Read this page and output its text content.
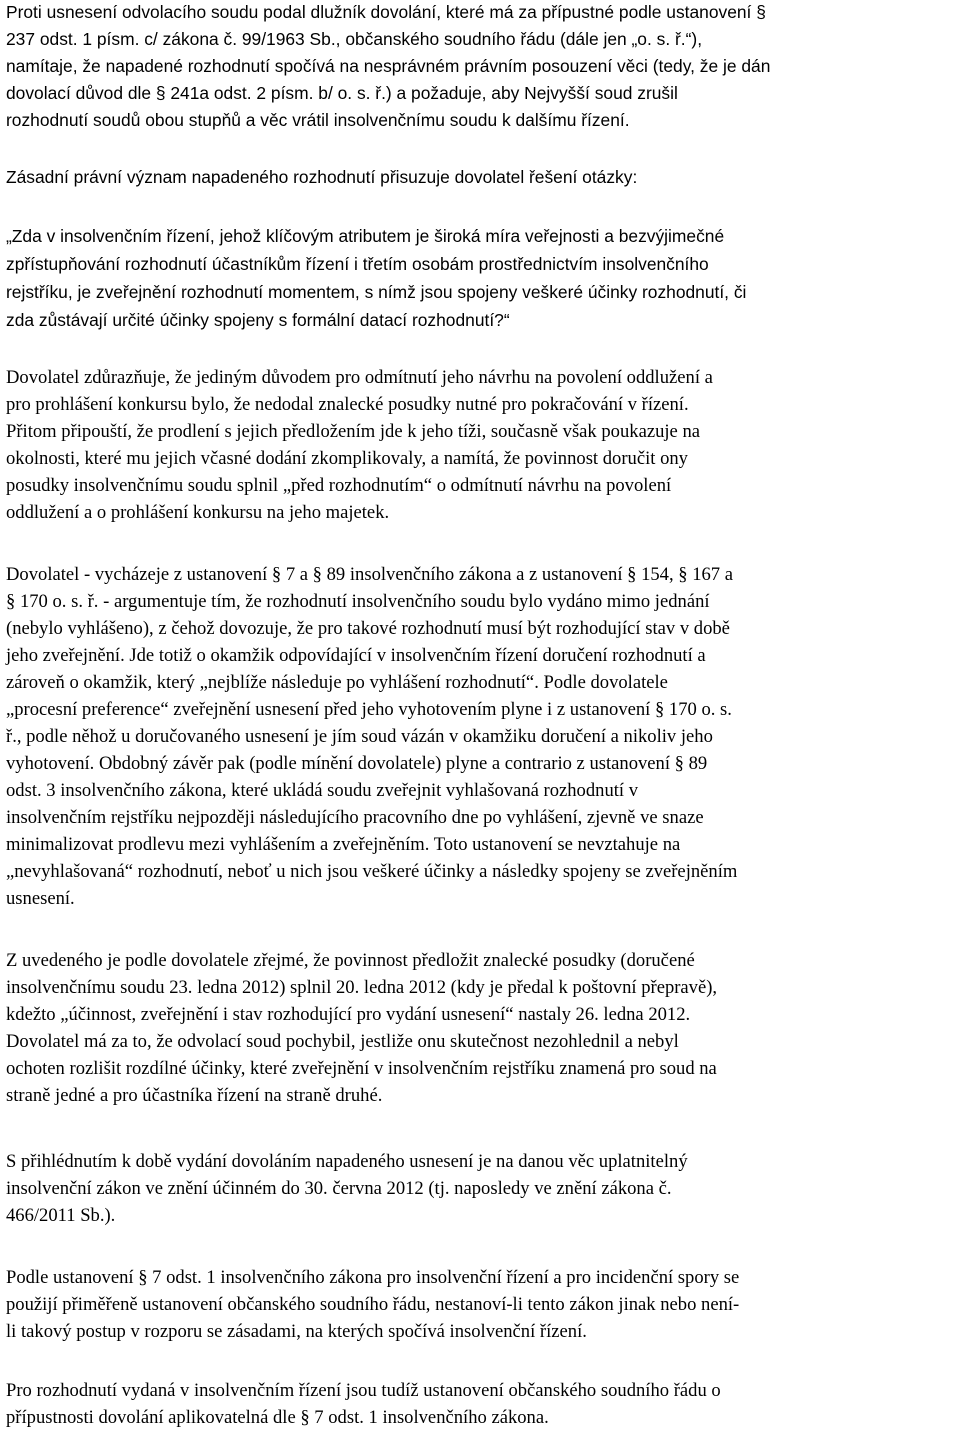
Proti usnesení odvolacího soudu podal dlužník dovolání, které má za přípustné podle ustanovení §
237 odst. 1 písm. c/ zákona č. 99/1963 Sb., občanského soudního řádu (dále jen „o. s. ř.“),
namítaje, že napadené rozhodnutí spočívá na nesprávném právním posouzení věci (tedy, že je dán
dovolací důvod dle § 241a odst. 2 písm. b/ o. s. ř.) a požaduje, aby Nejvyšší soud zrušil
rozhodnutí soudů obou stupňů a věc vrátil insolvenčnímu soudu k dalšímu řízení.
Zásadní právní význam napadeného rozhodnutí přisuzuje dovolatel řešení otázky:
„Zda v insolvenčním řízení, jehož klíčovým atributem je široká míra veřejnosti a bezvýjimečné
zpřístupňování rozhodnutí účastníkům řízení i třetím osobám prostřednictvím insolvenčního
rejstříku, je zveřejnění rozhodnutí momentem, s nímž jsou spojeny veškeré účinky rozhodnutí, či
zda zůstávají určité účinky spojeny s formální datací rozhodnutí?“
Dovolatel zdůrazňuje, že jediným důvodem pro odmítnutí jeho návrhu na povolení oddlužení a
pro prohlášení konkursu bylo, že nedodal znalecké posudky nutné pro pokračování v řízení.
Přitom připouští, že prodlení s jejich předložením jde k jeho tíži, současně však poukazuje na
okolnosti, které mu jejich včasné dodání zkomplikovaly, a namítá, že povinnost doručit ony
posudky insolvenčnímu soudu splnil „před rozhodnutím“ o odmítnutí návrhu na povolení
oddlužení a o prohlášení konkursu na jeho majetek.
Dovolatel - vycházeje z ustanovení § 7 a § 89 insolvenčního zákona a z ustanovení § 154, § 167 a
§ 170 o. s. ř. - argumentuje tím, že rozhodnutí insolvenčního soudu bylo vydáno mimo jednání
(nebylo vyhlášeno), z čehož dovozuje, že pro takové rozhodnutí musí být rozhodující stav v době
jeho zveřejnění. Jde totiž o okamžik odpovídající v insolvenčním řízení doručení rozhodnutí a
zároveň o okamžik, který „nejblíže následuje po vyhlášení rozhodnutí“. Podle dovolatele
„procesní preference“ zveřejnění usnesení před jeho vyhotovením plyne i z ustanovení § 170 o. s.
ř., podle něhož u doručovaného usnesení je jím soud vázán v okamžiku doručení a nikoliv jeho
vyhotovení. Obdobný závěr pak (podle mínění dovolatele) plyne a contrario z ustanovení § 89
odst. 3 insolvenčního zákona, které ukládá soudu zveřejnit vyhlašovaná rozhodnutí v
insolvenčním rejstříku nejpozději následujícího pracovního dne po vyhlášení, zjevně ve snaze
minimalizovat prodlevu mezi vyhlášením a zveřejněním. Toto ustanovení se nevztahuje na
„nevyhlašovaná“ rozhodnutí, neboť u nich jsou veškeré účinky a následky spojeny se zveřejněním
usnesení.
Z uvedeného je podle dovolatele zřejmé, že povinnost předložit znalecké posudky (doručené
insolvenčnímu soudu 23. ledna 2012) splnil 20. ledna 2012 (kdy je předal k poštovní přepravě),
kdežto „účinnost, zveřejnění i stav rozhodující pro vydání usnesení“ nastaly 26. ledna 2012.
Dovolatel má za to, že odvolací soud pochybil, jestliže onu skutečnost nezohlednil a nebyl
ochoten rozlišit rozdílné účinky, které zveřejnění v insolvenčním rejstříku znamená pro soud na
straně jedné a pro účastníka řízení na straně druhé.
S přihlédnutím k době vydání dovoláním napadeného usnesení je na danou věc uplatnitelný
insolvenční zákon ve znění účinném do 30. června 2012 (tj. naposledy ve znění zákona č.
466/2011 Sb.).
Podle ustanovení § 7 odst. 1 insolvenčního zákona pro insolvenční řízení a pro incidenční spory se
použijí přiměřeně ustanovení občanského soudního řádu, nestanoví-li tento zákon jinak nebo není-
li takový postup v rozporu se zásadami, na kterých spočívá insolvenční řízení.
Pro rozhodnutí vydaná v insolvenčním řízení jsou tudíž ustanovení občanského soudního řádu o
přípustnosti dovolání aplikovatelná dle § 7 odst. 1 insolvenčního zákona.
